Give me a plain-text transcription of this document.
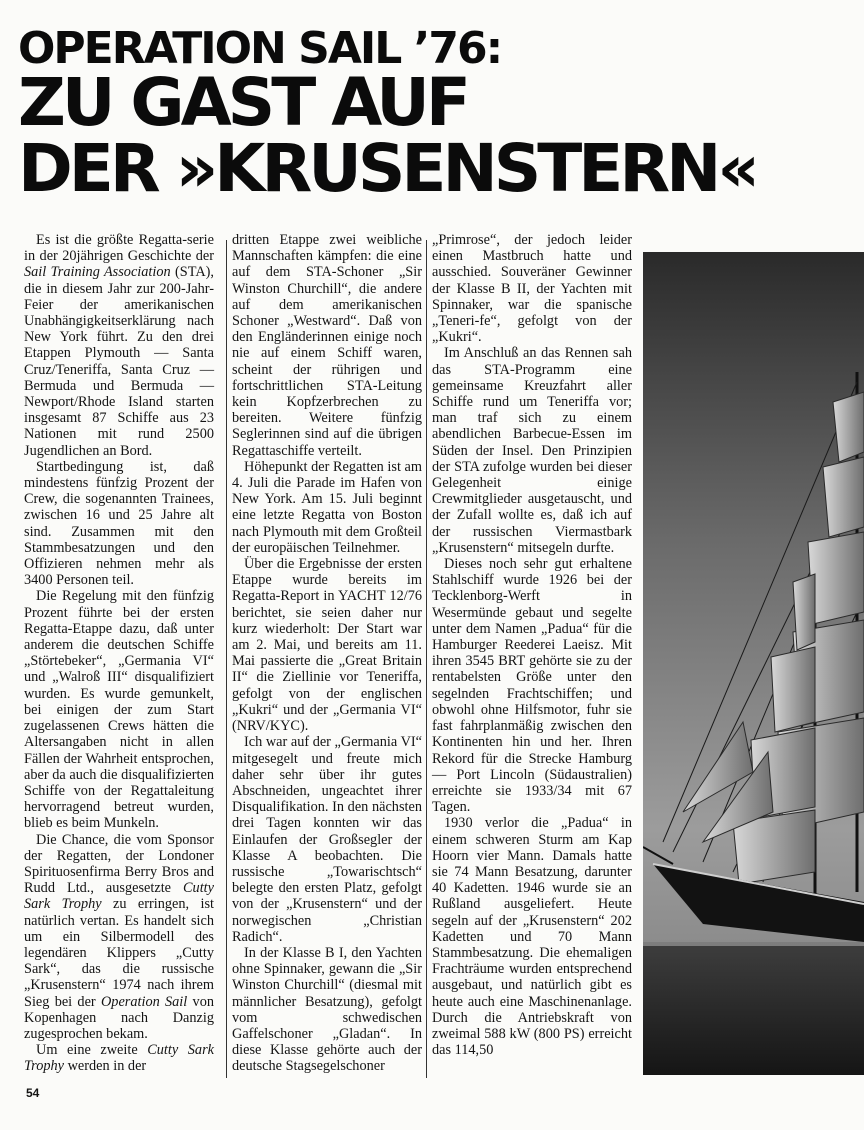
OPERATION SAIL ’76:
ZU GAST AUF
DER »KRUSENSTERN«

Es ist die größte Regatta-serie in der 20jährigen Geschichte der Sail Training Association (STA), die in diesem Jahr zur 200-Jahr-Feier der amerikanischen Unabhängigkeitserklärung nach New York führt. Zu den drei Etappen Plymouth — Santa Cruz/Teneriffa, Santa Cruz — Bermuda und Bermuda — Newport/Rhode Island starten insgesamt 87 Schiffe aus 23 Nationen mit rund 2500 Jugendlichen an Bord.

Startbedingung ist, daß mindestens fünfzig Prozent der Crew, die sogenannten Trainees, zwischen 16 und 25 Jahre alt sind. Zusammen mit den Stammbesatzungen und den Offizieren nehmen mehr als 3400 Personen teil.

Die Regelung mit den fünfzig Prozent führte bei der ersten Regatta-Etappe dazu, daß unter anderem die deutschen Schiffe „Störtebeker“, „Germania VI“ und „Walroß III“ disqualifiziert wurden. Es wurde gemunkelt, bei einigen der zum Start zugelassenen Crews hätten die Altersangaben nicht in allen Fällen der Wahrheit entsprochen, aber da auch die disqualifizierten Schiffe von der Regattaleitung hervorragend betreut wurden, blieb es beim Munkeln.

Die Chance, die vom Sponsor der Regatten, der Londoner Spirituosenfirma Berry Bros and Rudd Ltd., ausgesetzte Cutty Sark Trophy zu erringen, ist natürlich vertan. Es handelt sich um ein Silbermodell des legendären Klippers „Cutty Sark“, das die russische „Krusenstern“ 1974 nach ihrem Sieg bei der Operation Sail von Kopenhagen nach Danzig zugesprochen bekam.

Um eine zweite Cutty Sark Trophy werden in der

dritten Etappe zwei weibliche Mannschaften kämpfen: die eine auf dem STA-Schoner „Sir Winston Churchill“, die andere auf dem amerikanischen Schoner „Westward“. Daß von den Engländerinnen einige noch nie auf einem Schiff waren, scheint der rührigen und fortschrittlichen STA-Leitung kein Kopfzerbrechen zu bereiten. Weitere fünfzig Seglerinnen sind auf die übrigen Regattaschiffe verteilt.

Höhepunkt der Regatten ist am 4. Juli die Parade im Hafen von New York. Am 15. Juli beginnt eine letzte Regatta von Boston nach Plymouth mit dem Großteil der europäischen Teilnehmer.

Über die Ergebnisse der ersten Etappe wurde bereits im Regatta-Report in YACHT 12/76 berichtet, sie seien daher nur kurz wiederholt: Der Start war am 2. Mai, und bereits am 11. Mai passierte die „Great Britain II“ die Ziellinie vor Teneriffa, gefolgt von der englischen „Kukri“ und der „Germania VI“ (NRV/KYC).

Ich war auf der „Germania VI“ mitgesegelt und freute mich daher sehr über ihr gutes Abschneiden, ungeachtet ihrer Disqualifikation. In den nächsten drei Tagen konnten wir das Einlaufen der Großsegler der Klasse A beobachten. Die russische „Towarischtsch“ belegte den ersten Platz, gefolgt von der „Krusenstern“ und der norwegischen „Christian Radich“.

In der Klasse B I, den Yachten ohne Spinnaker, gewann die „Sir Winston Churchill“ (diesmal mit männlicher Besatzung), gefolgt vom schwedischen Gaffelschoner „Gladan“. In diese Klasse gehörte auch der deutsche Stagsegelschoner

„Primrose“, der jedoch leider einen Mastbruch hatte und ausschied. Souveräner Gewinner der Klasse B II, der Yachten mit Spinnaker, war die spanische „Teneri-fe“, gefolgt von der „Kukri“.

Im Anschluß an das Rennen sah das STA-Programm eine gemeinsame Kreuzfahrt aller Schiffe rund um Teneriffa vor; man traf sich zu einem abendlichen Barbecue-Essen im Süden der Insel. Den Prinzipien der STA zufolge wurden bei dieser Gelegenheit einige Crewmitglieder ausgetauscht, und der Zufall wollte es, daß ich auf der russischen Viermastbark „Krusenstern“ mitsegeln durfte.

Dieses noch sehr gut erhaltene Stahlschiff wurde 1926 bei der Tecklenborg-Werft in Wesermünde gebaut und segelte unter dem Namen „Padua“ für die Hamburger Reederei Laeisz. Mit ihren 3545 BRT gehörte sie zu der rentabelsten Größe unter den segelnden Frachtschiffen; und obwohl ohne Hilfsmotor, fuhr sie fast fahrplanmäßig zwischen den Kontinenten hin und her. Ihren Rekord für die Strecke Hamburg — Port Lincoln (Südaustralien) erreichte sie 1933/34 mit 67 Tagen.

1930 verlor die „Padua“ in einem schweren Sturm am Kap Hoorn vier Mann. Damals hatte sie 74 Mann Besatzung, darunter 40 Kadetten. 1946 wurde sie an Rußland ausgeliefert. Heute segeln auf der „Krusenstern“ 202 Kadetten und 70 Mann Stammbesatzung. Die ehemaligen Frachträume wurden entsprechend ausgebaut, und natürlich gibt es heute auch eine Maschinenanlage. Durch die Antriebskraft von zweimal 588 kW (800 PS) erreicht das 114,50

54
